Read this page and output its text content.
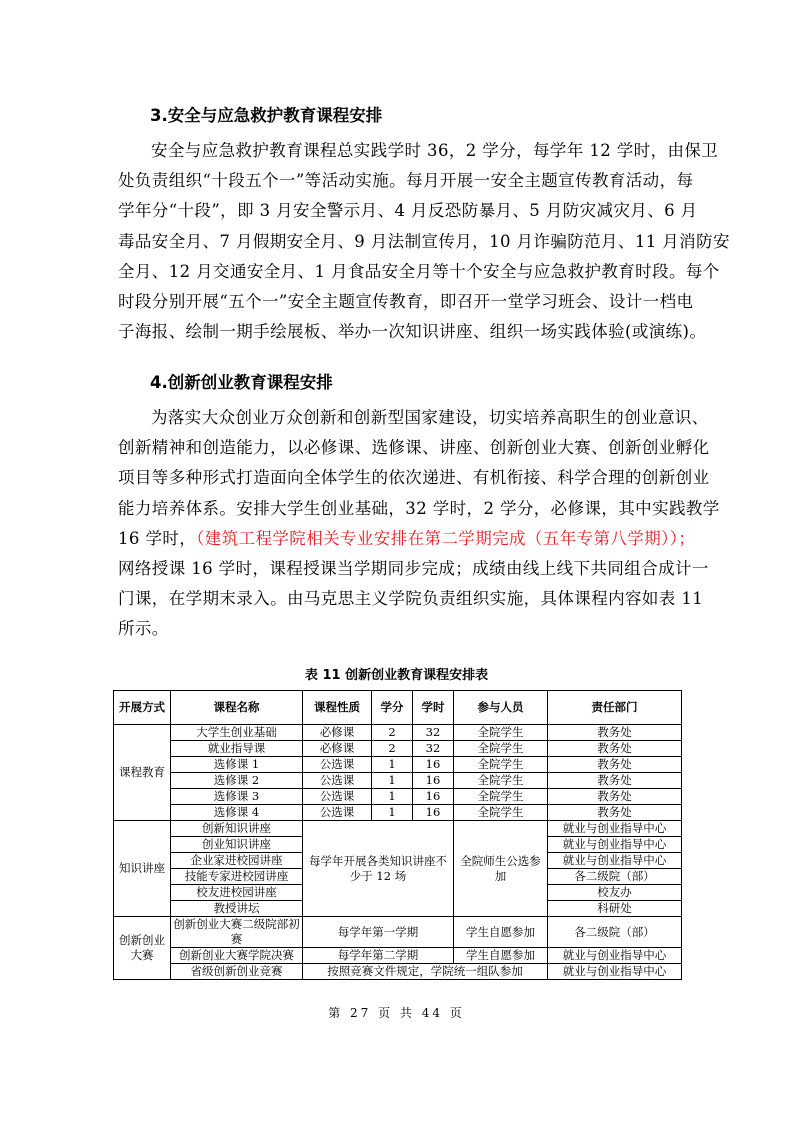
3.安全与应急救护教育课程安排
安全与应急救护教育课程总实践学时 36，2 学分，每学年 12 学时，由保卫
处负责组织“十段五个一”等活动实施。每月开展一安全主题宣传教育活动，每
学年分“十段”，即 3 月安全警示月、4 月反恐防暴月、5 月防灾减灾月、6 月
毒品安全月、7 月假期安全月、9 月法制宣传月，10 月诈骗防范月、11 月消防安
全月、12 月交通安全月、1 月食品安全月等十个安全与应急救护教育时段。每个
时段分别开展“五个一”安全主题宣传教育，即召开一堂学习班会、设计一档电
子海报、绘制一期手绘展板、举办一次知识讲座、组织一场实践体验(或演练)。
4.创新创业教育课程安排
为落实大众创业万众创新和创新型国家建设，切实培养高职生的创业意识、
创新精神和创造能力，以必修课、选修课、讲座、创新创业大赛、创新创业孵化
项目等多种形式打造面向全体学生的依次递进、有机衔接、科学合理的创新创业
能力培养体系。安排大学生创业基础，32 学时，2 学分，必修课，其中实践教学
16 学时，（建筑工程学院相关专业安排在第二学期完成（五年专第八学期））；
网络授课 16 学时，课程授课当学期同步完成；成绩由线上线下共同组合成计一
门课，在学期末录入。由马克思主义学院负责组织实施，具体课程内容如表 11
所示。
表 11 创新创业教育课程安排表
开展方式	课程名称	课程性质	学分	学时	参与人员	责任部门
课程教育	大学生创业基础	必修课	2	32	全院学生	教务处
	就业指导课	必修课	2	32	全院学生	教务处
	选修课 1	公选课	1	16	全院学生	教务处
	选修课 2	公选课	1	16	全院学生	教务处
	选修课 3	公选课	1	16	全院学生	教务处
	选修课 4	公选课	1	16	全院学生	教务处
知识讲座	创新知识讲座	每学年开展各类知识讲座不少于 12 场			全院师生公选参加	就业与创业指导中心
	创业知识讲座					就业与创业指导中心
	企业家进校园讲座					就业与创业指导中心
	技能专家进校园讲座					各二级院（部）
	校友进校园讲座					校友办
	教授讲坛					科研处
创新创业大赛	创新创业大赛二级院部初赛	每学年第一学期			学生自愿参加	各二级院（部）
	创新创业大赛学院决赛	每学年第二学期			学生自愿参加	就业与创业指导中心
	省级创新创业竞赛	按照竞赛文件规定，学院统一组队参加				就业与创业指导中心
第 27 页 共 44 页
